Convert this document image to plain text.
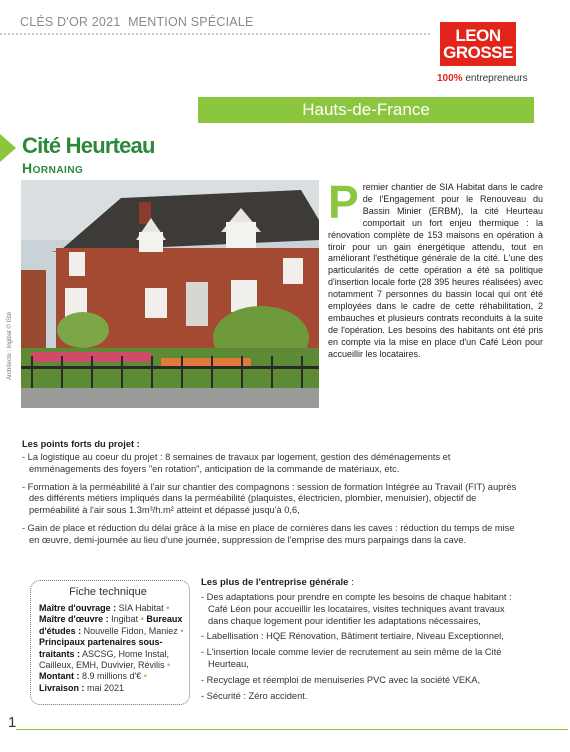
CLÉS D'OR 2021 MENTION SPÉCIALE
LEON
GROSSE
100% entrepreneurs
Hauts-de-France
Cité Heurteau
Hornaing
Architecte : Ingibat © IStè
Premier chantier de SIA Habitat dans le cadre de l'Engagement pour le Renouveau du Bassin Minier (ERBM), la cité Heurteau comportait un fort enjeu thermique : la rénovation complète de 153 maisons en opération à tiroir pour un gain énergétique attendu, tout en améliorant l'esthétique générale de la cité. L'une des particularités de cette opération a été sa politique d'insertion locale forte (28 395 heures réalisées) avec notamment 7 personnes du bassin local qui ont été employées dans le cadre de cette réhabilitation, 2 embauches et plusieurs contrats reconduits à la suite de l'opération. Les besoins des habitants ont été pris en compte via la mise en place d'un Café Léon pour accueillir les locataires.
Les points forts du projet :
- La logistique au coeur du projet : 8 semaines de travaux par logement, gestion des déménagements et emménagements des foyers "en rotation", anticipation de la commande de matériaux, etc.
- Formation à la perméabilité à l'air sur chantier des compagnons : session de formation Intégrée au Travail (FIT) auprès des différents métiers impliqués dans la perméabilité (plaquistes, électricien, plombier, menuisier), objectif de perméabilité à l'air sous 1.3m³/h.m² atteint et dépassé jusqu'à 0,6,
- Gain de place et réduction du délai grâce à la mise en place de cornières dans les caves : réduction du temps de mise en œuvre, demi-journée au lieu d'une journée, suppression de l'emprise des murs parpaings dans la cave.
Fiche technique
Maître d'ouvrage : SIA Habitat • Maître d'œuvre : Ingibat • Bureaux d'études : Nouvelle Fidon, Maniez • Principaux partenaires sous-traitants : ASCSG, Home Instal, Cailleux, EMH, Duvivier, Révilis • Montant : 8.9 millions d'€ • Livraison : mai 2021
Les plus de l'entreprise générale :
- Des adaptations pour prendre en compte les besoins de chaque habitant : Café Léon pour accueillir les locataires, visites techniques avant travaux dans chaque logement pour identifier les adaptations nécessaires,
- Labellisation : HQE Rénovation, Bâtiment tertiaire, Niveau Exceptionnel,
- L'insertion locale comme levier de recrutement au sein même de la Cité Heurteau,
- Recyclage et réemploi de menuiseries PVC avec la société VEKA,
- Sécurité : Zéro accident.
1
